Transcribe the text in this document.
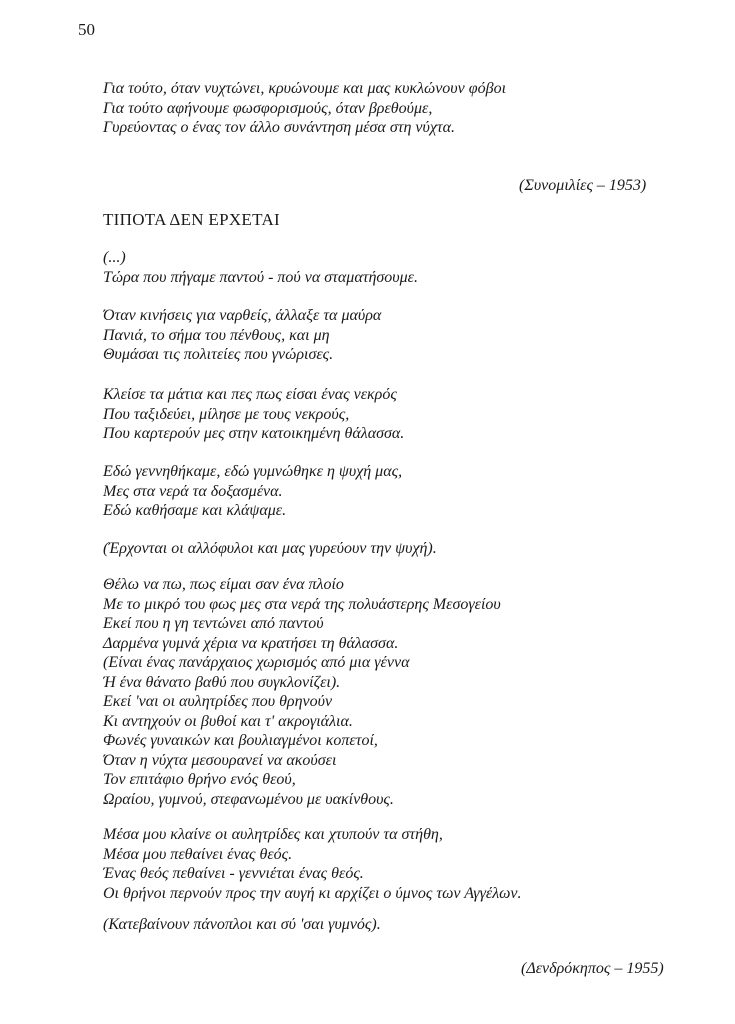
50
Για τούτο, όταν νυχτώνει, κρυώνουμε και μας κυκλώνουν φόβοι
Για τούτο αφήνουμε φωσφορισμούς, όταν βρεθούμε,
Γυρεύοντας ο ένας τον άλλο συνάντηση μέσα στη νύχτα.
(Συνομιλίες – 1953)
ΤΙΠΟΤΑ ΔΕΝ ΕΡΧΕΤΑΙ
(...)
Τώρα που πήγαμε παντού - πού να σταματήσουμε.
Όταν κινήσεις για ναρθείς, άλλαξε τα μαύρα
Πανιά, το σήμα του πένθους, και μη
Θυμάσαι τις πολιτείες που γνώρισες.
Κλείσε τα μάτια και πες πως είσαι ένας νεκρός
Που ταξιδεύει, μίλησε με τους νεκρούς,
Που καρτερούν μες στην κατοικημένη θάλασσα.
Εδώ γεννηθήκαμε, εδώ γυμνώθηκε η ψυχή μας,
Μες στα νερά τα δοξασμένα.
Εδώ καθήσαμε και κλάψαμε.
(Έρχονται οι αλλόφυλοι και μας γυρεύουν την ψυχή).
Θέλω να πω, πως είμαι σαν ένα πλοίο
Με το μικρό του φως μες στα νερά της πολυάστερης Μεσογείου
Εκεί που η γη τεντώνει από παντού
Δαρμένα γυμνά χέρια να κρατήσει τη θάλασσα.
(Είναι ένας πανάρχαιος χωρισμός από μια γέννα
Ή ένα θάνατο βαθύ που συγκλονίζει).
Εκεί 'ναι οι αυλητρίδες που θρηνούν
Κι αντηχούν οι βυθοί και τ' ακρογιάλια.
Φωνές γυναικών και βουλιαγμένοι κοπετοί,
Όταν η νύχτα μεσουρανεί να ακούσει
Τον επιτάφιο θρήνο ενός θεού,
Ωραίου, γυμνού, στεφανωμένου με υακίνθους.
Μέσα μου κλαίνε οι αυλητρίδες και χτυπούν τα στήθη,
Μέσα μου πεθαίνει ένας θεός.
Ένας θεός πεθαίνει - γεννιέται ένας θεός.
Οι θρήνοι περνούν προς την αυγή κι αρχίζει ο ύμνος των Αγγέλων.
(Κατεβαίνουν πάνοπλοι και σύ 'σαι γυμνός).
(Δενδρόκηπος – 1955)
